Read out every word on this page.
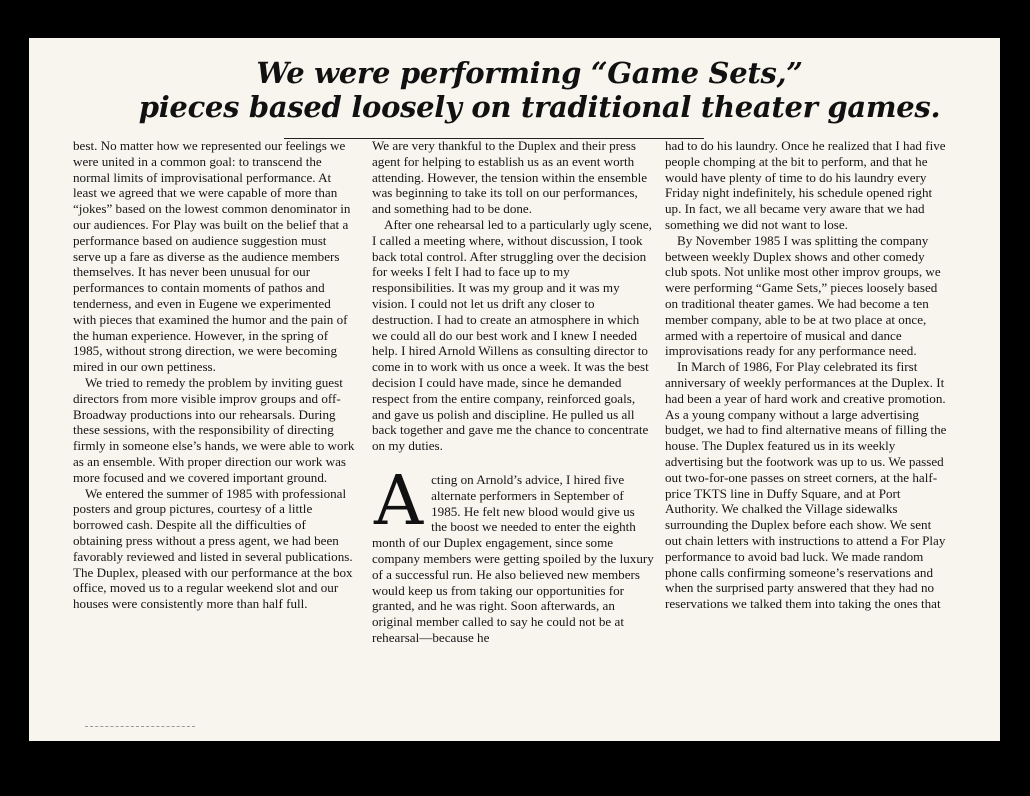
We were performing “Game Sets,”
pieces based loosely on traditional theater games.

best. No matter how we represented our feelings we were united in a common goal: to transcend the normal limits of improvisational performance. At least we agreed that we were capable of more than “jokes” based on the lowest common denominator in our audiences. For Play was built on the belief that a performance based on audience suggestion must serve up a fare as diverse as the audience members themselves. It has never been unusual for our performances to contain moments of pathos and tenderness, and even in Eugene we experimented with pieces that examined the humor and the pain of the human experience. However, in the spring of 1985, without strong direction, we were becoming mired in our own pettiness.

We tried to remedy the problem by inviting guest directors from more visible improv groups and off-Broadway productions into our rehearsals. During these sessions, with the responsibility of directing firmly in someone else’s hands, we were able to work as an ensemble. With proper direction our work was more focused and we covered important ground.

We entered the summer of 1985 with professional posters and group pictures, courtesy of a little borrowed cash. Despite all the difficulties of obtaining press without a press agent, we had been favorably reviewed and listed in several publications. The Duplex, pleased with our performance at the box office, moved us to a regular weekend slot and our houses were consistently more than half full.

We are very thankful to the Duplex and their press agent for helping to establish us as an event worth attending. However, the tension within the ensemble was beginning to take its toll on our performances, and something had to be done.

After one rehearsal led to a particularly ugly scene, I called a meeting where, without discussion, I took back total control. After struggling over the decision for weeks I felt I had to face up to my responsibilities. It was my group and it was my vision. I could not let us drift any closer to destruction. I had to create an atmosphere in which we could all do our best work and I knew I needed help. I hired Arnold Willens as consulting director to come in to work with us once a week. It was the best decision I could have made, since he demanded respect from the entire company, reinforced goals, and gave us polish and discipline. He pulled us all back together and gave me the chance to concentrate on my duties.

Acting on Arnold’s advice, I hired five alternate performers in September of 1985. He felt new blood would give us the boost we needed to enter the eighth month of our Duplex engagement, since some company members were getting spoiled by the luxury of a successful run. He also believed new members would keep us from taking our opportunities for granted, and he was right. Soon afterwards, an original member called to say he could not be at rehearsal—because he

had to do his laundry. Once he realized that I had five people chomping at the bit to perform, and that he would have plenty of time to do his laundry every Friday night indefinitely, his schedule opened right up. In fact, we all became very aware that we had something we did not want to lose.

By November 1985 I was splitting the company between weekly Duplex shows and other comedy club spots. Not unlike most other improv groups, we were performing “Game Sets,” pieces loosely based on traditional theater games. We had become a ten member company, able to be at two place at once, armed with a repertoire of musical and dance improvisations ready for any performance need.

In March of 1986, For Play celebrated its first anniversary of weekly performances at the Duplex. It had been a year of hard work and creative promotion. As a young company without a large advertising budget, we had to find alternative means of filling the house. The Duplex featured us in its weekly advertising but the footwork was up to us. We passed out two-for-one passes on street corners, at the half-price TKTS line in Duffy Square, and at Port Authority. We chalked the Village sidewalks surrounding the Duplex before each show. We sent out chain letters with instructions to attend a For Play performance to avoid bad luck. We made random phone calls confirming someone’s reservations and when the surprised party answered that they had no reservations we talked them into taking the ones that
